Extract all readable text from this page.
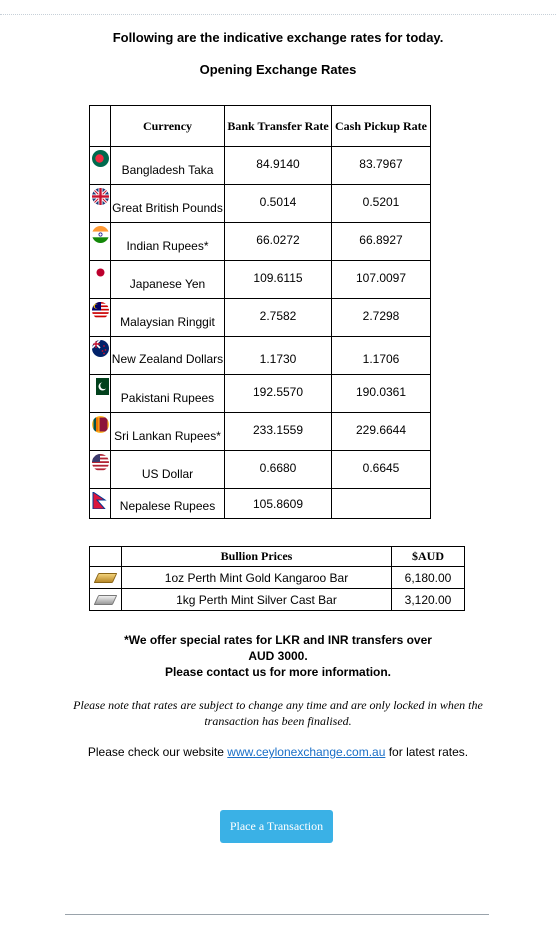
Following are the indicative exchange rates for today.
Opening Exchange Rates
	Currency	Bank Transfer Rate	Cash Pickup Rate
	Bangladesh Taka	84.9140	83.7967
	Great British Pounds	0.5014	0.5201
	Indian Rupees*	66.0272	66.8927
	Japanese Yen	109.6115	107.0097
	Malaysian Ringgit	2.7582	2.7298
	New Zealand Dollars	1.1730	1.1706
	Pakistani Rupees	192.5570	190.0361
	Sri Lankan Rupees*	233.1559	229.6644
	US Dollar	0.6680	0.6645
	Nepalese Rupees	105.8609	
	Bullion Prices	$AUD
	1oz Perth Mint Gold Kangaroo Bar	6,180.00
	1kg Perth Mint Silver Cast Bar	3,120.00
*We offer special rates for LKR and INR transfers over
AUD 3000.
Please contact us for more information.
Please note that rates are subject to change any time and are only locked in when the transaction has been finalised.
Please check our website www.ceylonexchange.com.au for latest rates.
Place a Transaction
